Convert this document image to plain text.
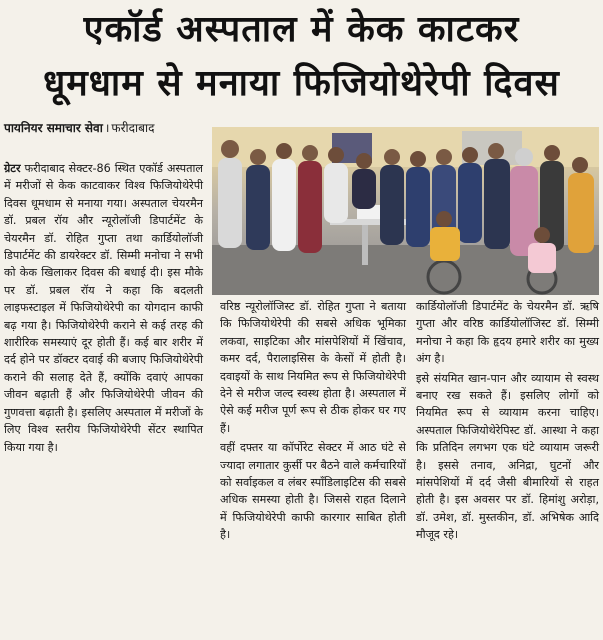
एकॉर्ड अस्पताल में केक काटकर
धूमधाम से मनाया फिजियोथेरेपी दिवस
पायनियर समाचार सेवा । फरीदाबाद

ग्रेटर फरीदाबाद सेक्टर-86 स्थित एकॉर्ड अस्पताल में मरीजों से केक काटवाकर विश्व फिजियोथेरेपी दिवस धूमधाम से मनाया गया। अस्पताल चेयरमैन डॉ. प्रबल रॉय और न्यूरोलॉजी डिपार्टमेंट के चेयरमैन डॉ. रोहित गुप्ता तथा कार्डियोलॉजी डिपार्टमेंट की डायरेक्टर डॉ. सिम्मी मनोचा ने सभी को केक खिलाकर दिवस की बधाई दी। इस मौके पर डॉ. प्रबल रॉय ने कहा कि बदलती लाइफस्टाइल में फिजियोथेरेपी का योगदान काफी बढ़ गया है। फिजियोथेरेपी कराने से कई तरह की शारीरिक समस्याएं दूर होती हैं। कई बार शरीर में दर्द होने पर डॉक्टर दवाई की बजाए फिजियोथेरेपी कराने की सलाह देते हैं, क्योंकि दवाएं आपका जीवन बढ़ाती हैं और फिजियोथेरेपी जीवन की गुणवत्ता बढ़ाती है। इसलिए अस्पताल में मरीजों के लिए विश्व स्तरीय फिजियोथेरेपी सेंटर स्थापित किया गया है।

वरिष्ठ न्यूरोलॉजिस्ट डॉ. रोहित गुप्ता ने बताया कि फिजियोथेरेपी की सबसे अधिक भूमिका लकवा, साइटिका और मांसपेशियों में खिंचाव, कमर दर्द, पैरालाइसिस के केसों में होती है। दवाइयों के साथ नियमित रूप से फिजियोथेरेपी देने से मरीज जल्द स्वस्थ होता है। अस्पताल में ऐसे कई मरीज पूर्ण रूप से ठीक होकर घर गए हैं।

वहीं दफ्तर या कॉर्पोरेट सेक्टर में आठ घंटे से ज्यादा लगातार कुर्सी पर बैठने वाले कर्मचारियों को सर्वाइकल व लंबर स्पॉंडिलाइटिस की सबसे अधिक समस्या होती है। जिससे राहत दिलाने में फिजियोथेरेपी काफी कारगार साबित होती है।

कार्डियोलॉजी डिपार्टमेंट के चेयरमैन डॉ. ऋषि गुप्ता और वरिष्ठ कार्डियोलॉजिस्ट डॉ. सिम्मी मनोचा ने कहा कि हृदय हमारे शरीर का मुख्य अंग है।

इसे संयमित खान-पान और व्यायाम से स्वस्थ बनाए रख सकते हैं। इसलिए लोगों को नियमित रूप से व्यायाम करना चाहिए। अस्पताल फिजियोथेरेपिस्ट डॉ. आस्था ने कहा कि प्रतिदिन लगभग एक घंटे व्यायाम जरूरी है। इससे तनाव, अनिद्रा, घुटनों और मांसपेशियों में दर्द जैसी बीमारियों से राहत होती है। इस अवसर पर डॉ. हिमांशु अरोड़ा, डॉ. उमेश, डॉ. मुस्तकीन, डॉ. अभिषेक आदि मौजूद रहे।
